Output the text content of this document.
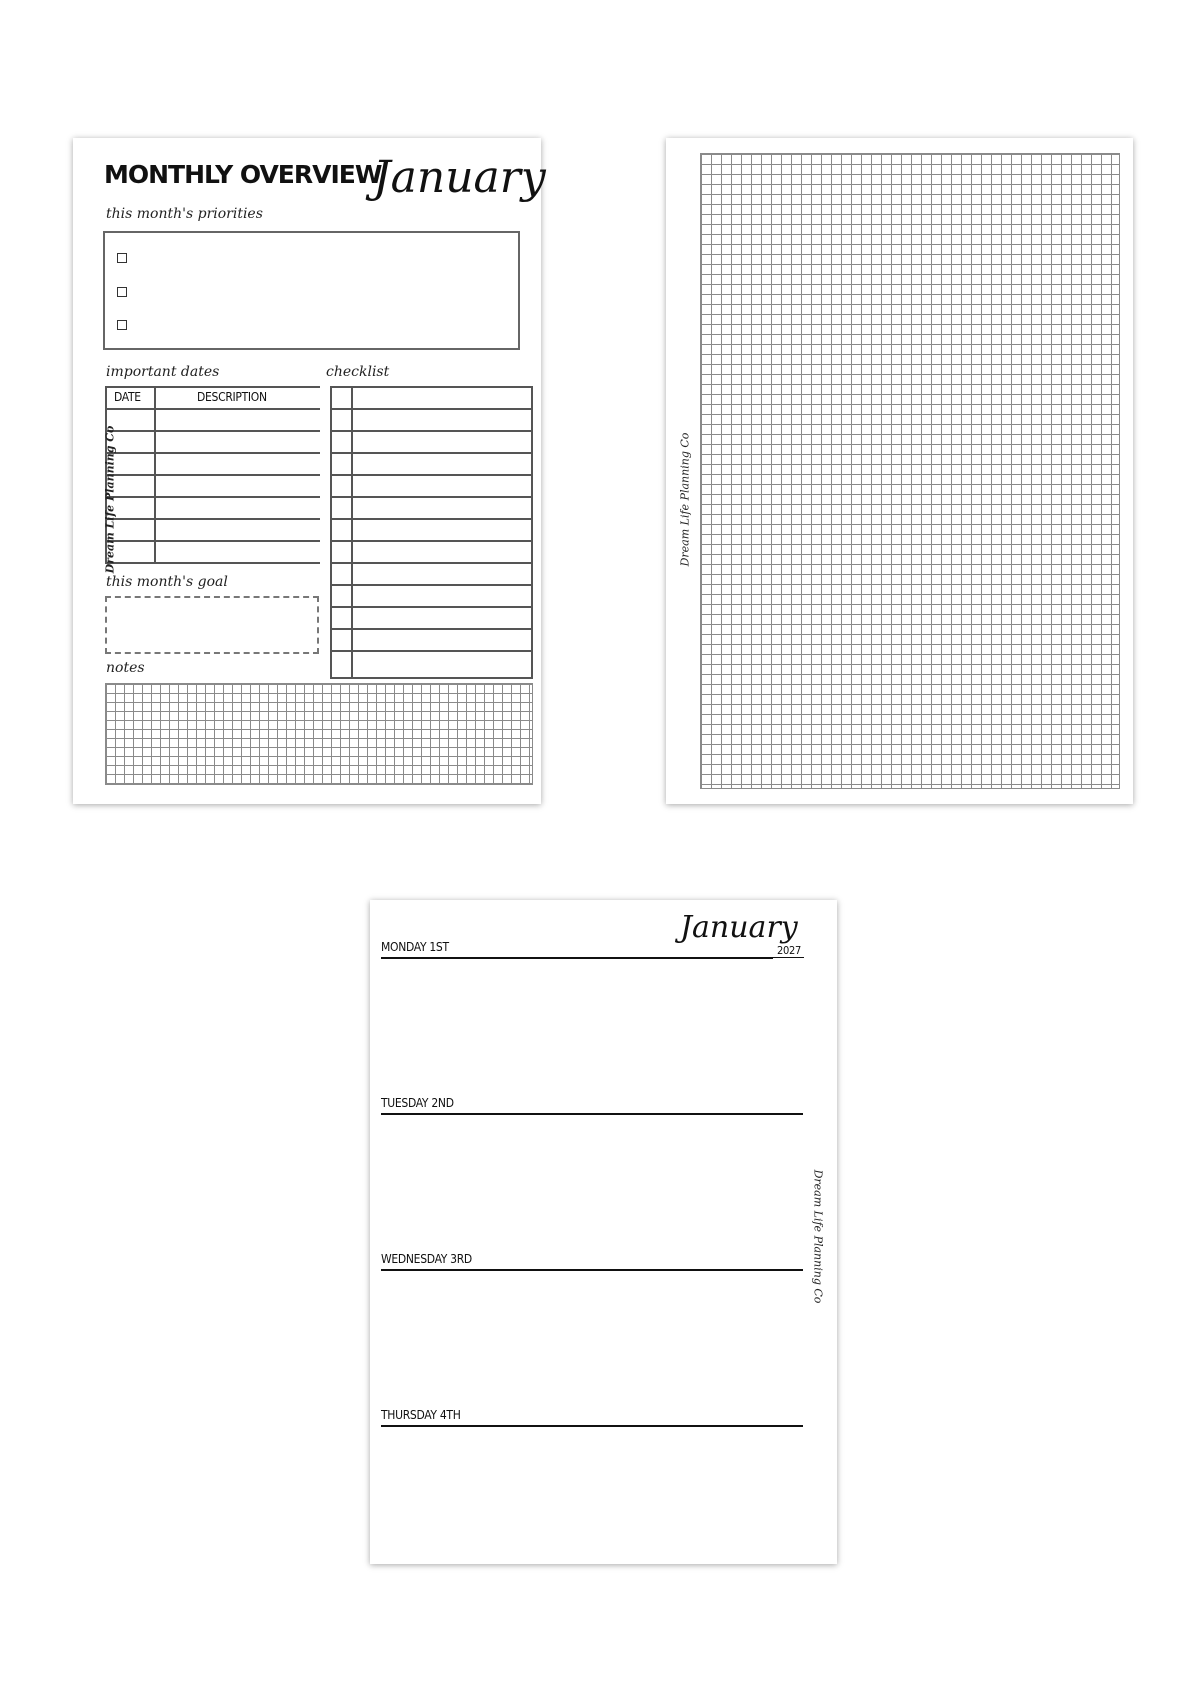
MONTHLY OVERVIEW
January
this month's priorities
important dates	checklist
DATE	DESCRIPTION
this month's goal
notes
Dream Life Planning Co	Dream Life Planning Co
January
2027
MONDAY 1ST
TUESDAY 2ND
WEDNESDAY 3RD
THURSDAY 4TH
Dream Life Planning Co
